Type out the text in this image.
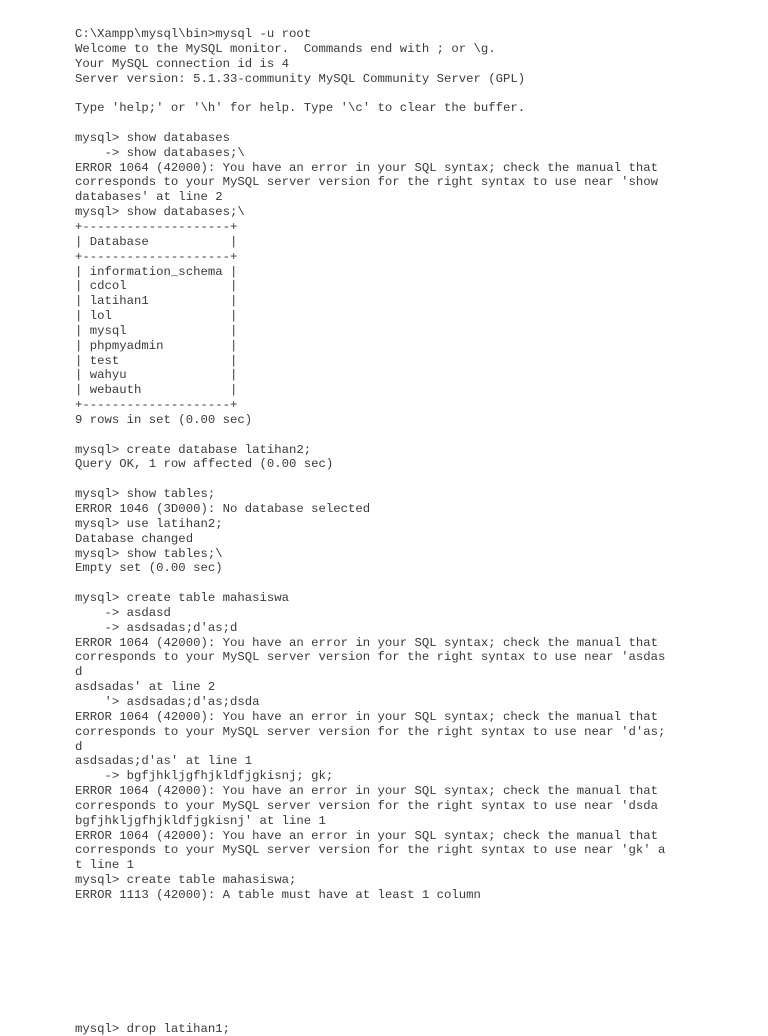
C:\Xampp\mysql\bin>mysql -u root
Welcome to the MySQL monitor.  Commands end with ; or \g.
Your MySQL connection id is 4
Server version: 5.1.33-community MySQL Community Server (GPL)
Type 'help;' or '\h' for help. Type '\c' to clear the buffer.
mysql> show databases
-> show databases;\
ERROR 1064 (42000): You have an error in your SQL syntax; check the manual that
corresponds to your MySQL server version for the right syntax to use near 'show
databases' at line 2
mysql> show databases;\
+--------------------+
| Database           |
+--------------------+
| information_schema |
| cdcol              |
| latihan1           |
| lol                |
| mysql              |
| phpmyadmin         |
| test               |
| wahyu              |
| webauth            |
+--------------------+
9 rows in set (0.00 sec)
mysql> create database latihan2;
Query OK, 1 row affected (0.00 sec)
mysql> show tables;
ERROR 1046 (3D000): No database selected
mysql> use latihan2;
Database changed
mysql> show tables;\
Empty set (0.00 sec)
mysql> create table mahasiswa
-> asdasd
-> asdsadas;d'as;d
ERROR 1064 (42000): You have an error in your SQL syntax; check the manual that
corresponds to your MySQL server version for the right syntax to use near 'asdas
d
asdsadas' at line 2
'> asdsadas;d'as;dsda
ERROR 1064 (42000): You have an error in your SQL syntax; check the manual that
corresponds to your MySQL server version for the right syntax to use near 'd'as;
d
asdsadas;d'as' at line 1
-> bgfjhkljgfhjkldfjgkisnj; gk;
ERROR 1064 (42000): You have an error in your SQL syntax; check the manual that
corresponds to your MySQL server version for the right syntax to use near 'dsda
bgfjhkljgfhjkldfjgkisnj' at line 1
ERROR 1064 (42000): You have an error in your SQL syntax; check the manual that
corresponds to your MySQL server version for the right syntax to use near 'gk' a
t line 1
mysql> create table mahasiswa;
ERROR 1113 (42000): A table must have at least 1 column
mysql> drop latihan1;
